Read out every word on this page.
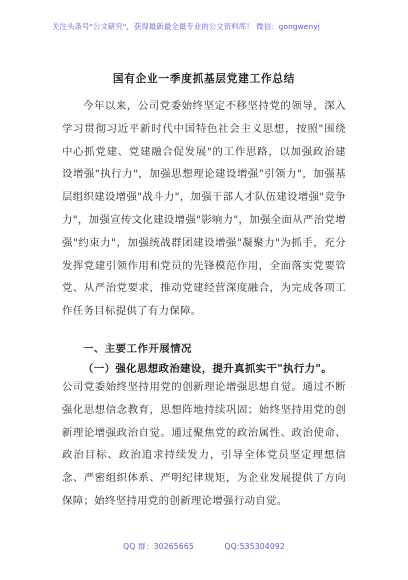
关注头条号"公文研究"，获得最新最全最专业的公文资料库！ 微信：gongwenyj
国有企业一季度抓基层党建工作总结
今年以来，公司党委始终坚定不移坚持党的领导，深入学习贯彻习近平新时代中国特色社会主义思想，按照"围绕中心抓党建、党建融合促发展"的工作思路，以加强政治建设增强"执行力"，加强思想理论建设增强"引领力"，加强基层组织建设增强"战斗力"，加强干部人才队伍建设增强"竞争力"，加强宣传文化建设增强"影响力"，加强全面从严治党增强"约束力"，加强统战群团建设增强"凝聚力"为抓手，充分发挥党建引领作用和党员的先锋模范作用，全面落实党要管党、从严治党要求，推动党建经营深度融合，为完成各项工作任务目标提供了有力保障。
一、主要工作开展情况
（一）强化思想政治建设，提升真抓实干"执行力"。
公司党委始终坚持用党的创新理论增强思想自觉。通过不断强化思想信念教育，思想阵地持续巩固；始终坚持用党的创新理论增强政治自觉。通过聚焦党的政治属性、政治使命、政治目标、政治追求持续发力，引导全体党员坚定理想信念、严密组织体系、严明纪律规矩，为企业发展提供了方向保障；始终坚持用党的创新理论增强行动自觉。
QQ 群：30265665	QQ:535304092
